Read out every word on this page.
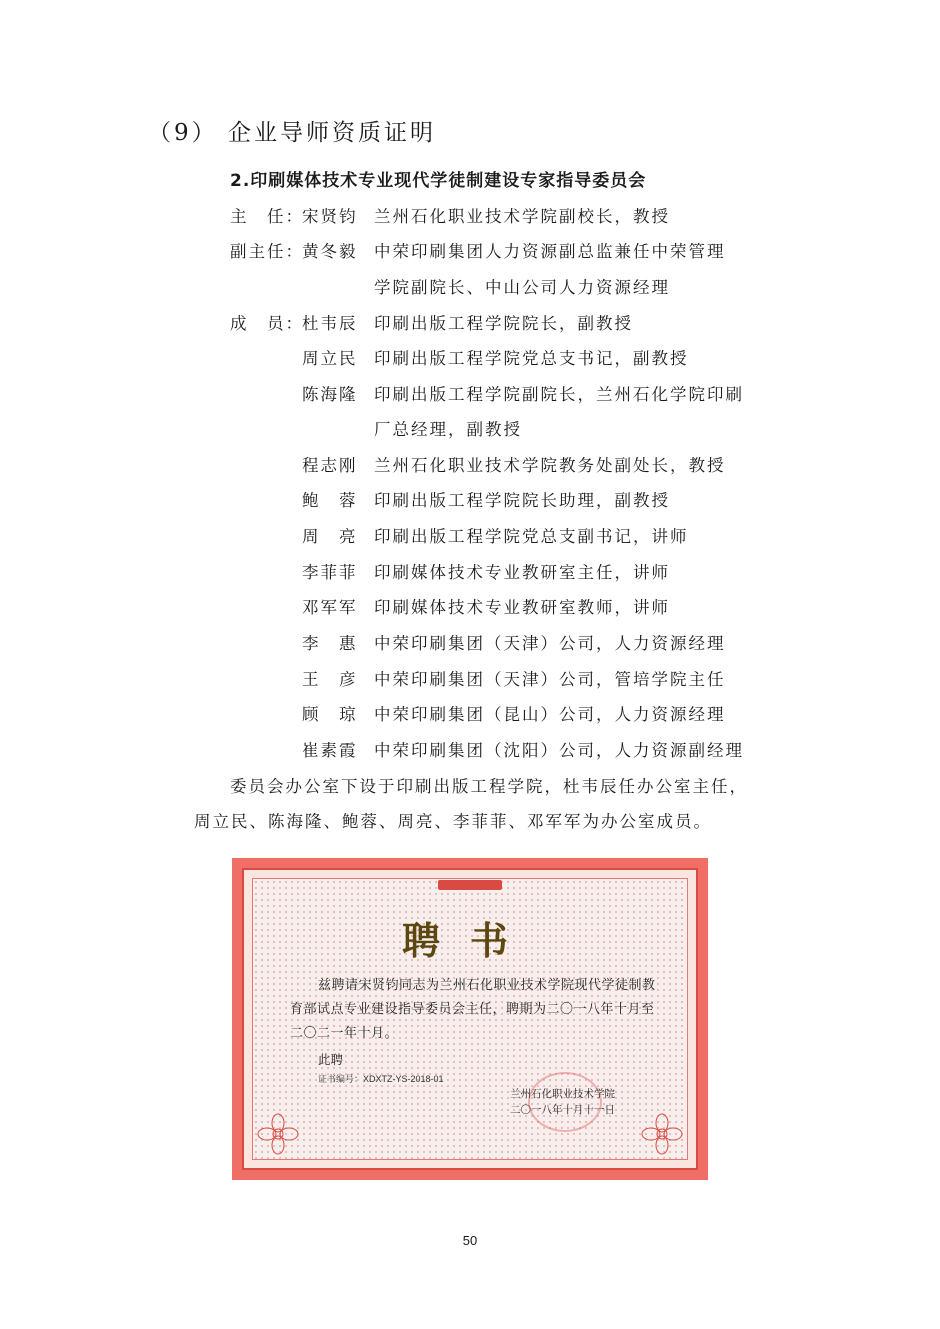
（9） 企业导师资质证明
2.印刷媒体技术专业现代学徒制建设专家指导委员会
主　任：
宋贤钧 兰州石化职业技术学院副校长，教授
副主任：
黄冬毅 中荣印刷集团人力资源副总监兼任中荣管理
学院副院长、中山公司人力资源经理
成　员：
杜韦辰 印刷出版工程学院院长，副教授
周立民 印刷出版工程学院党总支书记，副教授
陈海隆 印刷出版工程学院副院长，兰州石化学院印刷
厂总经理，副教授
程志刚 兰州石化职业技术学院教务处副处长，教授
鲍　蓉 印刷出版工程学院院长助理，副教授
周　亮 印刷出版工程学院党总支副书记，讲师
李菲菲 印刷媒体技术专业教研室主任，讲师
邓军军 印刷媒体技术专业教研室教师，讲师
李　惠 中荣印刷集团（天津）公司，人力资源经理
王　彦 中荣印刷集团（天津）公司，管培学院主任
顾　琼 中荣印刷集团（昆山）公司，人力资源经理
崔素霞 中荣印刷集团（沈阳）公司，人力资源副经理
委员会办公室下设于印刷出版工程学院，杜韦辰任办公室主任，
周立民、陈海隆、鲍蓉、周亮、李菲菲、邓军军为办公室成员。
聘书
兹聘请宋贤钧同志为兰州石化职业技术学院现代学徒制教育部试点专业建设指导委员会主任，聘期为二〇一八年十月至二〇二一年十月。
此聘
证书编号：XDXTZ-YS-2018-01
兰州石化职业技术学院
二〇一八年十月十一日
50
